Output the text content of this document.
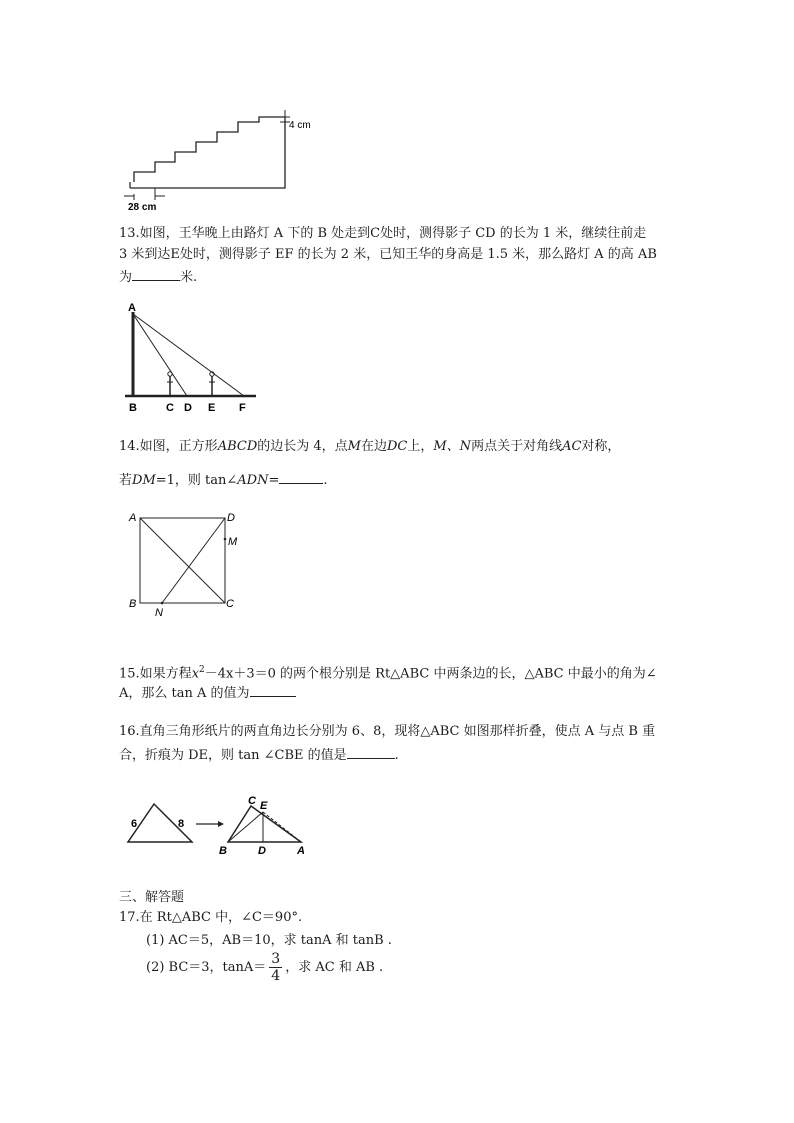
4 cm
28 cm
13.如图，王华晚上由路灯 A 下的 B 处走到C处时，测得影子 CD 的长为 1 米，继续往前走
3 米到达E处时，测得影子 EF 的长为 2 米，已知王华的身高是 1.5 米，那么路灯 A 的高 AB
为	米.
A
B	C D E F
14.如图，正方形ABCD的边长为 4，点M在边DC上，M、N两点关于对角线AC对称，
若DM=1，则 tan∠ADN=	.
A	D
M
B
N
C
15.如果方程$x^2-4x+3=0$ 的两个根分别是 Rt△ABC 中两条边的长，△ABC 中最小的角为∠
A，那么 tan A 的值为
16.直角三角形纸片的两直角边长分别为 6、8，现将△ABC 如图那样折叠，使点 A 与点 B 重
合，折痕为 DE，则 tan ∠CBE 的值是	.
6	8
C E
B	D	A
三、解答题
17.在 Rt△ABC 中，∠C＝90°.
(1) AC＝5，AB＝10，求 tanA 和 tanB .
(2) BC＝3，$\tan A= \frac{3}{4}$ ，求 AC 和 AB .
